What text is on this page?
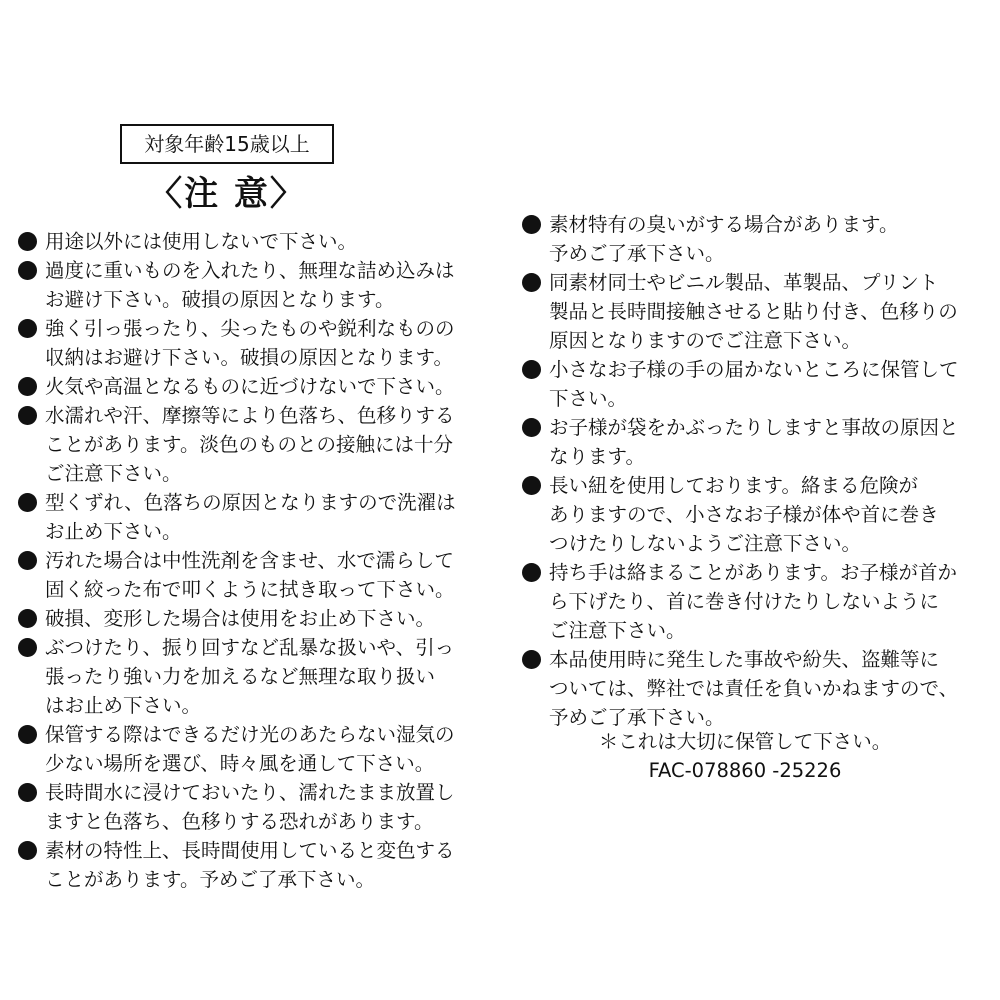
対象年齢15歳以上
〈注 意〉
用途以外には使用しないで下さい。
過度に重いものを入れたり、無理な詰め込みは
お避け下さい。破損の原因となります。
強く引っ張ったり、尖ったものや鋭利なものの
収納はお避け下さい。破損の原因となります。
火気や高温となるものに近づけないで下さい。
水濡れや汗、摩擦等により色落ち、色移りする
ことがあります。淡色のものとの接触には十分
ご注意下さい。
型くずれ、色落ちの原因となりますので洗濯は
お止め下さい。
汚れた場合は中性洗剤を含ませ、水で濡らして
固く絞った布で叩くように拭き取って下さい。
破損、変形した場合は使用をお止め下さい。
ぶつけたり、振り回すなど乱暴な扱いや、引っ
張ったり強い力を加えるなど無理な取り扱い
はお止め下さい。
保管する際はできるだけ光のあたらない湿気の
少ない場所を選び、時々風を通して下さい。
長時間水に浸けておいたり、濡れたまま放置し
ますと色落ち、色移りする恐れがあります。
素材の特性上、長時間使用していると変色する
ことがあります。予めご了承下さい。
素材特有の臭いがする場合があります。
予めご了承下さい。
同素材同士やビニル製品、革製品、プリント
製品と長時間接触させると貼り付き、色移りの
原因となりますのでご注意下さい。
小さなお子様の手の届かないところに保管して
下さい。
お子様が袋をかぶったりしますと事故の原因と
なります。
長い紐を使用しております。絡まる危険が
ありますので、小さなお子様が体や首に巻き
つけたりしないようご注意下さい。
持ち手は絡まることがあります。お子様が首か
ら下げたり、首に巻き付けたりしないように
ご注意下さい。
本品使用時に発生した事故や紛失、盗難等に
ついては、弊社では責任を負いかねますので、
予めご了承下さい。
＊これは大切に保管して下さい。
FAC-078860 -25226
